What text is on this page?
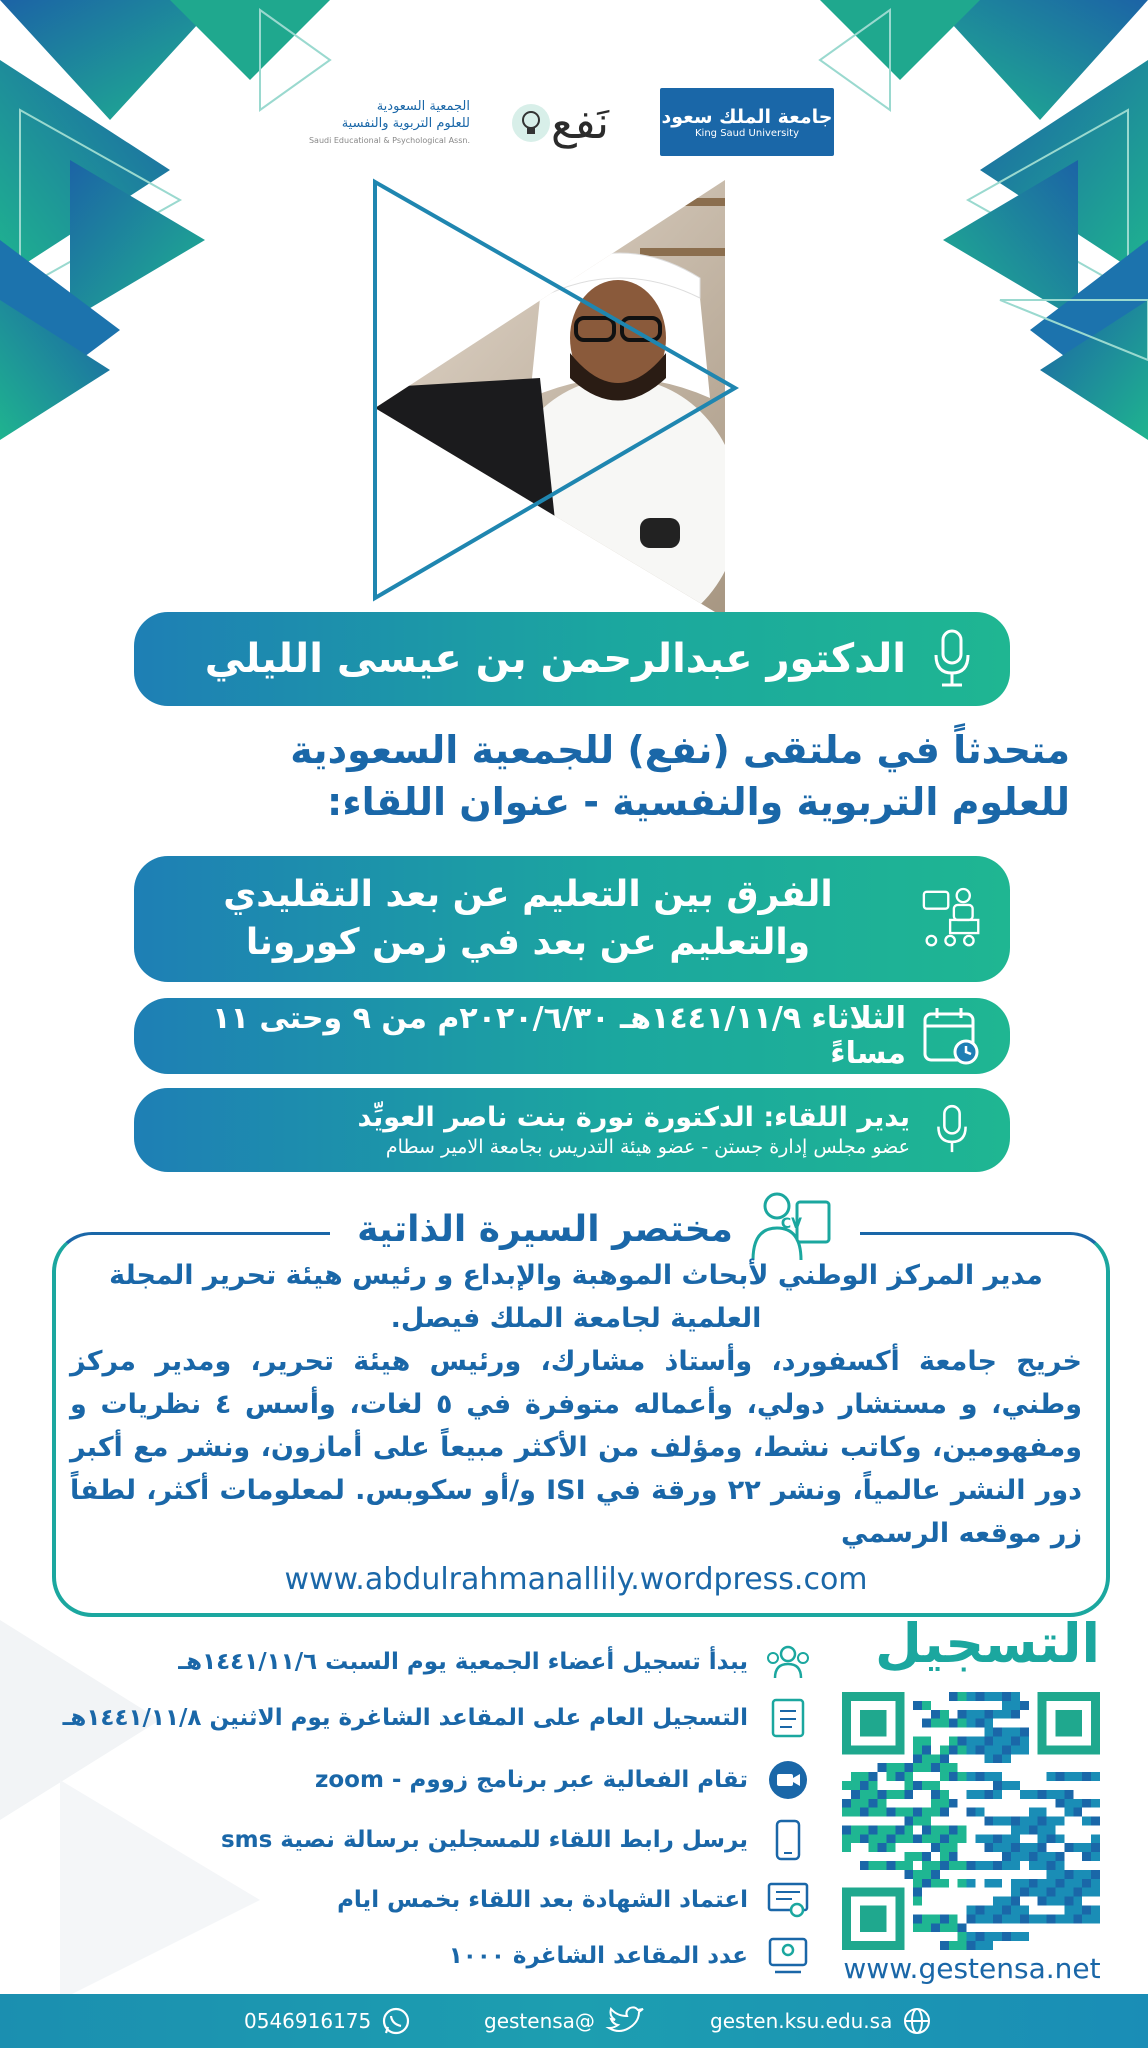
جامعة الملك سعود
King Saud University
نَفع
الجمعية السعودية
للعلوم التربوية والنفسية
Saudi Educational & Psychological Assn.
الدكتور عبدالرحمن بن عيسى الليلي
متحدثاً في ملتقى (نفع) للجمعية السعودية
للعلوم التربوية والنفسية - عنوان اللقاء:
الفرق بين التعليم عن بعد التقليدي
والتعليم عن بعد في زمن كورونا
الثلاثاء ١٤٤١/١١/٩هـ ٢٠٢٠/٦/٣٠م من ٩ وحتى ١١ مساءً
يدير اللقاء: الدكتورة نورة بنت ناصر العويِّد
عضو مجلس إدارة جستن - عضو هيئة التدريس بجامعة الامير سطام
CV
مختصر السيرة الذاتية

مدير المركز الوطني لأبحاث الموهبة والإبداع و رئيس هيئة تحرير المجلة العلمية لجامعة الملك فيصل.

خريج جامعة أكسفورد، وأستاذ مشارك، ورئيس هيئة تحرير، ومدير مركز وطني، و مستشار دولي، وأعماله متوفرة في ٥ لغات، وأسس ٤ نظريات و ومفهومين، وكاتب نشط، ومؤلف من الأكثر مبيعاً على أمازون، ونشر مع أكبر دور النشر عالمياً، ونشر ٢٢ ورقة في ISI و/أو سكوبس. لمعلومات أكثر، لطفاً زر موقعه الرسمي

www.abdulrahmanallily.wordpress.com
التسجيل
www.gestensa.net
يبدأ تسجيل أعضاء الجمعية يوم السبت ١٤٤١/١١/٦هـ
التسجيل العام على المقاعد الشاغرة يوم الاثنين ١٤٤١/١١/٨هـ
تقام الفعالية عبر برنامج زووم - zoom
يرسل رابط اللقاء للمسجلين برسالة نصية sms
اعتماد الشهادة بعد اللقاء بخمس ايام
عدد المقاعد الشاغرة ١٠٠٠
gesten.ksu.edu.sa
gestensa@
0546916175
